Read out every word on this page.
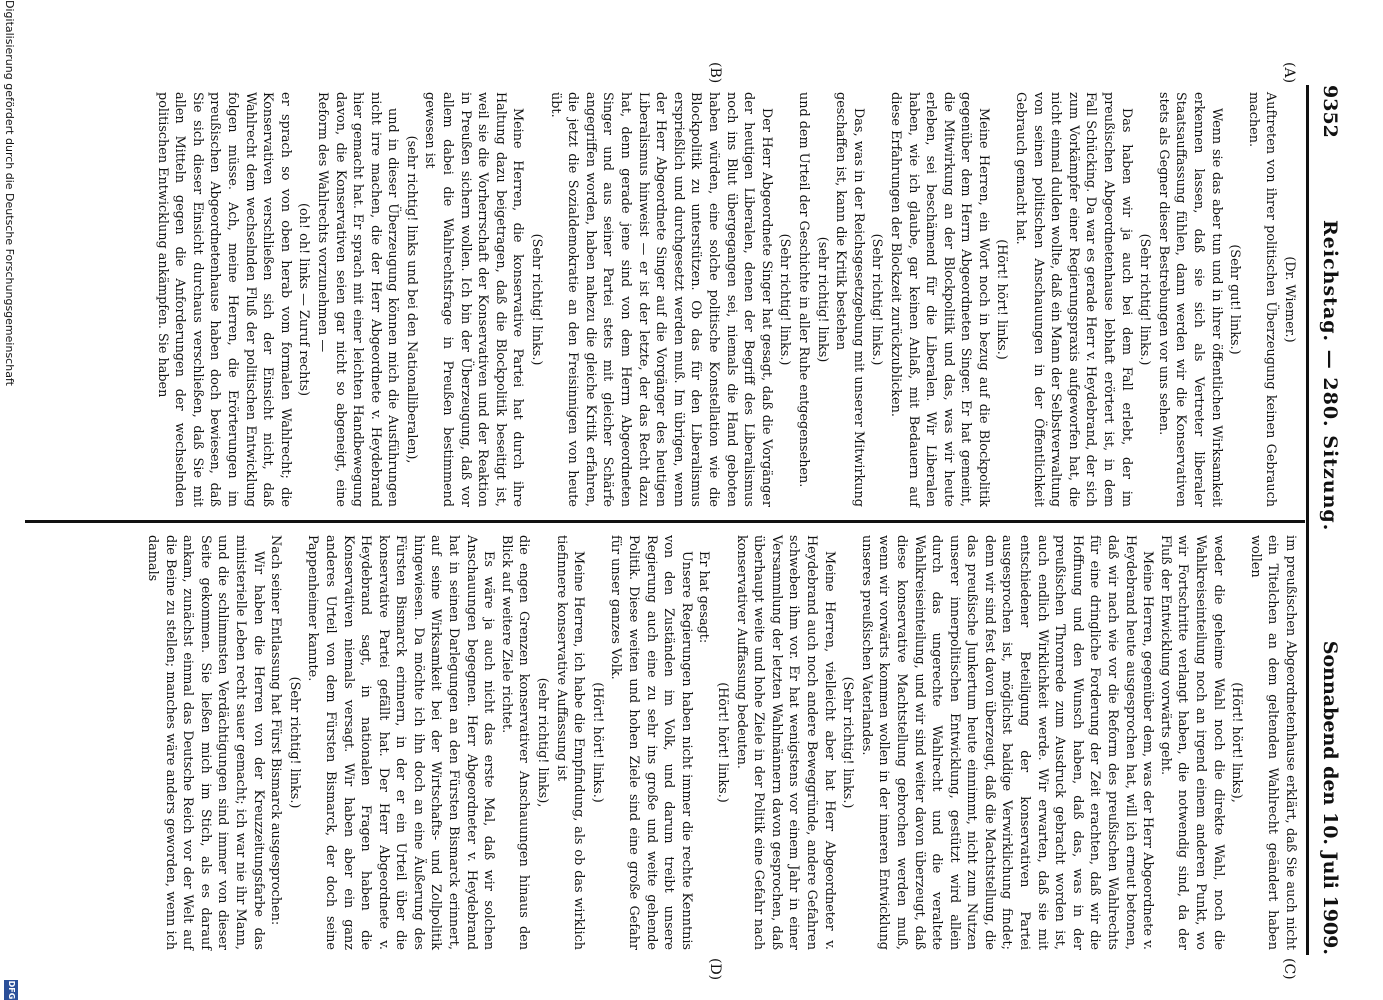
9352
Reichstag. — 280. Sitzung.
Sonnabend den 10. Juli 1909.
(A)
(B)
(C)
(D)

(Dr. Wiemer.)

Auftreten von ihrer politischen Überzeugung keinen Gebrauch machen.

(Sehr gut! links.)

Wenn sie das aber tun und in ihrer öffentlichen Wirksamkeit erkennen lassen, daß sie sich als Vertreter liberaler Staatsauffassung fühlen, dann werden wir die Konservativen stets als Gegner dieser Bestrebungen vor uns sehen.

(Sehr richtig! links.)

Das haben wir ja auch bei dem Fall erlebt, der im preußischen Abgeordnetenhause lebhaft erörtert ist, in dem Fall Schücking. Da war es gerade Herr v. Heydebrand, der sich zum Vorkämpfer einer Regierungspraxis aufgeworfen hat, die nicht einmal dulden wollte, daß ein Mann der Selbstverwaltung von seinen politischen Anschauungen in der Öffentlichkeit Gebrauch gemacht hat.

(Hört! hört! links.)

Meine Herren, ein Wort noch in bezug auf die Blockpolitik gegenüber dem Herrn Abgeordneten Singer. Er hat gemeint, die Mitwirkung an der Blockpolitik und das, was wir heute erleben, sei beschämend für die Liberalen. Wir Liberalen haben, wie ich glaube, gar keinen Anlaß, mit Bedauern auf diese Erfahrungen der Blockzeit zurückzublicken.

(Sehr richtig! links.)

Das, was in der Reichsgesetzgebung mit unserer Mitwirkung geschaffen ist, kann die Kritik bestehen

(sehr richtig! links)

und dem Urteil der Geschichte in aller Ruhe entgegensehen.

(Sehr richtig! links.)

Der Herr Abgeordnete Singer hat gesagt, daß die Vorgänger der heutigen Liberalen, denen der Begriff des Liberalismus noch ins Blut übergegangen sei, niemals die Hand geboten haben würden, eine solche politische Konstellation wie die Blockpolitik zu unterstützen. Ob das für den Liberalismus ersprießlich und durchgesetzt werden muß. Im übrigen, wenn der Herr Abgeordnete Singer auf die Vorgänger des heutigen Liberalismus hinweist — er ist der letzte, der das Recht dazu hat, denn gerade jene sind von dem Herrn Abgeordneten Singer und aus seiner Partei stets mit gleicher Schärfe angegriffen worden, haben nahezu die gleiche Kritik erfahren, die jetzt die Sozialdemokratie an den Freisinnigen von heute übt.

(Sehr richtig! links.)

Meine Herren, die konservative Partei hat durch ihre Haltung dazu beigetragen, daß die Blockpolitik beseitigt ist, weil sie die Vorherrschaft der Konservativen und der Reaktion in Preußen sichern wollen. Ich bin der Überzeugung, daß vor allem dabei die Wahlrechtsfrage in Preußen bestimmend gewesen ist

(sehr richtig! links und bei den Nationalliberalen),

und in dieser Überzeugung können mich die Ausführungen nicht irre machen, die der Herr Abgeordnete v. Heydebrand hier gemacht hat. Er sprach mit einer leichten Handbewegung davon, die Konservativen seien gar nicht so abgeneigt, eine Reform des Wahlrechts vorzunehmen —

(oh! oh! links — Zuruf rechts)

er sprach so von oben herab vom formalen Wahlrecht; die Konservativen verschließen sich der Einsicht nicht, daß Wahlrecht dem wechselnden Fluß der politischen Entwicklung folgen müsse. Ach, meine Herren, die Erörterungen im preußischen Abgeordnetenhause haben doch bewiesen, daß Sie sich dieser Einsicht durchaus verschließen, daß Sie mit allen Mitteln gegen die Anforderungen der wechselnden politischen Entwicklung ankämpfen. Sie haben

im preußischen Abgeordnetenhause erklärt, daß Sie auch nicht ein Titelchen an dem geltenden Wahlrecht geändert haben wollen

(Hört! hört! links),

weder die geheime Wahl noch die direkte Wahl, noch die Wahlkreiseinteilung noch an irgend einem anderen Punkt, wo wir Fortschritte verlangt haben, die notwendig sind, da der Fluß der Entwicklung vorwärts geht.

Meine Herren, gegenüber dem, was der Herr Abgeordnete v. Heydebrand heute ausgesprochen hat, will ich erneut betonen, daß wir nach wie vor die Reform des preußischen Wahlrechts für eine dringliche Forderung der Zeit erachten, daß wir die Hoffnung und den Wunsch haben, daß das, was in der preußischen Thronrede zum Ausdruck gebracht worden ist, auch endlich Wirklichkeit werde. Wir erwarten, daß sie mit entschiedener Beteiligung der konservativen Partei ausgesprochen ist, möglichst baldige Verwirklichung findet; denn wir sind fest davon überzeugt, daß die Machtstellung, die das preußische Junkertum heute einnimmt, nicht zum Nutzen unserer innerpolitischen Entwicklung, gestützt wird allein durch das ungerechte Wahlrecht und die veraltete Wahlkreiseinteilung, und wir sind weiter davon überzeugt, daß diese konservative Machtstellung gebrochen werden muß, wenn wir vorwärts kommen wollen in der inneren Entwicklung unseres preußischen Vaterlandes.

(Sehr richtig! links.)

Meine Herren, vielleicht aber hat Herr Abgeordneter v. Heydebrand auch noch andere Beweggründe, andere Gefahren schweben ihm vor. Er hat wenigstens vor einem Jahr in einer Versammlung der letzten Wahlmännern davon gesprochen, daß überhaupt weite und hohe Ziele in der Politik eine Gefahr nach konservativer Auffassung bedeuten.

(Hört! hört! links.)

Er hat gesagt:

Unsere Regierungen haben nicht immer die rechte Kenntnis von den Zuständen im Volk, und darum treibt unsere Regierung auch eine zu sehr ins große und weite gehende Politik. Diese weiten und hohen Ziele sind eine große Gefahr für unser ganzes Volk.

(Hört! hört! links.)

Meine Herren, ich habe die Empfindung, als ob das wirklich tiefinnere konservative Auffassung ist

(sehr richtig! links),

die engen Grenzen konservativer Anschauungen hinaus den Blick auf weitere Ziele richtet.

Es wäre ja auch nicht das erste Mal, daß wir solchen Anschauungen begegnen. Herr Abgeordneter v. Heydebrand hat in seinen Darlegungen an den Fürsten Bismarck erinnert, auf seine Wirksamkeit bei der Wirtschafts- und Zollpolitik hingewiesen. Da möchte ich ihn doch an eine Äußerung des Fürsten Bismarck erinnern, in der er ein Urteil über die konservative Partei gefällt hat. Der Herr Abgeordnete v. Heydebrand sagt, in nationalen Fragen haben die Konservativen niemals versagt. Wir haben aber ein ganz anderes Urteil von dem Fürsten Bismarck, der doch seine Pappenheimer kannte.

(Sehr richtig! links.)

Nach seiner Entlassung hat Fürst Bismarck ausgesprochen:

Wir haben die Herren von der Kreuzzeitungsfarbe das ministerielle Leben recht sauer gemacht; ich war nie ihr Mann, und die schlimmsten Verdächtigungen sind immer von dieser Seite gekommen. Sie ließen mich im Stich, als es darauf ankam, zunächst einmal das Deutsche Reich vor der Welt auf die Beine zu stellen; manches wäre anders geworden, wenn ich damals

Digitalisierung gefördert durch die Deutsche Forschungsgemeinschaft
DFG
